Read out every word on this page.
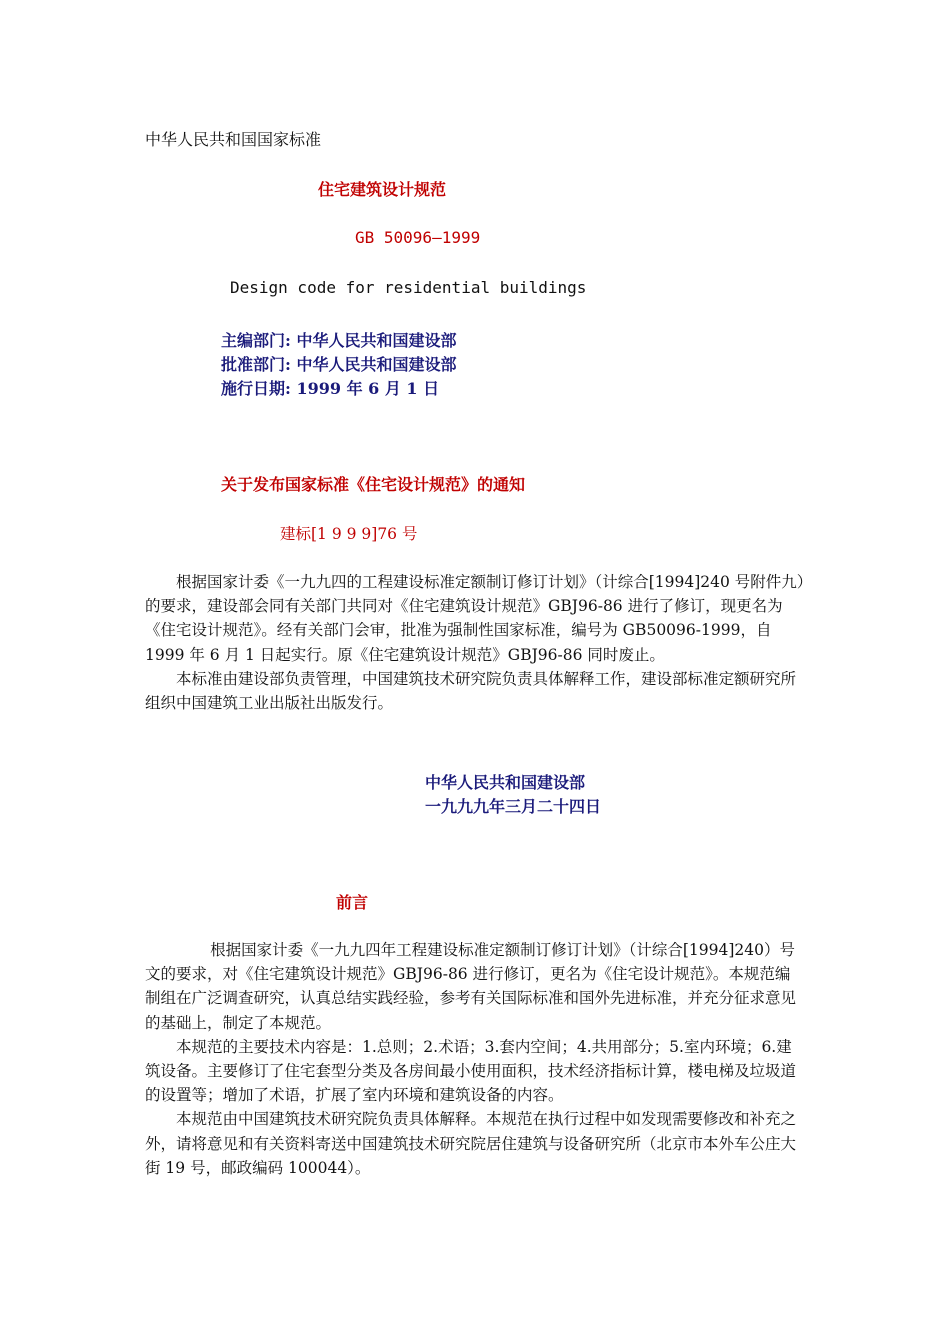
中华人民共和国国家标准
住宅建筑设计规范
GB 50096—1999
Design code for residential buildings
主编部门: 中华人民共和国建设部
批准部门: 中华人民共和国建设部
施行日期: 1999 年 6 月 1 日
关于发布国家标准《住宅设计规范》的通知
建标[1 9 9 9]76 号

根据国家计委《一九九四的工程建设标准定额制订修订计划》（计综合[1994]240 号附件九）的要求，建设部会同有关部门共同对《住宅建筑设计规范》GBJ96-86 进行了修订，现更名为《住宅设计规范》。经有关部门会审，批准为强制性国家标准，编号为 GB50096-1999，自 1999 年 6 月 1 日起实行。原《住宅建筑设计规范》GBJ96-86 同时废止。

本标准由建设部负责管理，中国建筑技术研究院负责具体解释工作，建设部标准定额研究所组织中国建筑工业出版社出版发行。

中华人民共和国建设部
一九九九年三月二十四日
前言

根据国家计委《一九九四年工程建设标准定额制订修订计划》（计综合[1994]240）号文的要求，对《住宅建筑设计规范》GBJ96-86 进行修订，更名为《住宅设计规范》。本规范编制组在广泛调查研究，认真总结实践经验，参考有关国际标准和国外先进标准，并充分征求意见的基础上，制定了本规范。

本规范的主要技术内容是：1.总则；2.术语；3.套内空间；4.共用部分；5.室内环境；6.建筑设备。主要修订了住宅套型分类及各房间最小使用面积，技术经济指标计算，楼电梯及垃圾道的设置等；增加了术语，扩展了室内环境和建筑设备的内容。

本规范由中国建筑技术研究院负责具体解释。本规范在执行过程中如发现需要修改和补充之外，请将意见和有关资料寄送中国建筑技术研究院居住建筑与设备研究所（北京市本外车公庄大街 19 号，邮政编码 100044）。
